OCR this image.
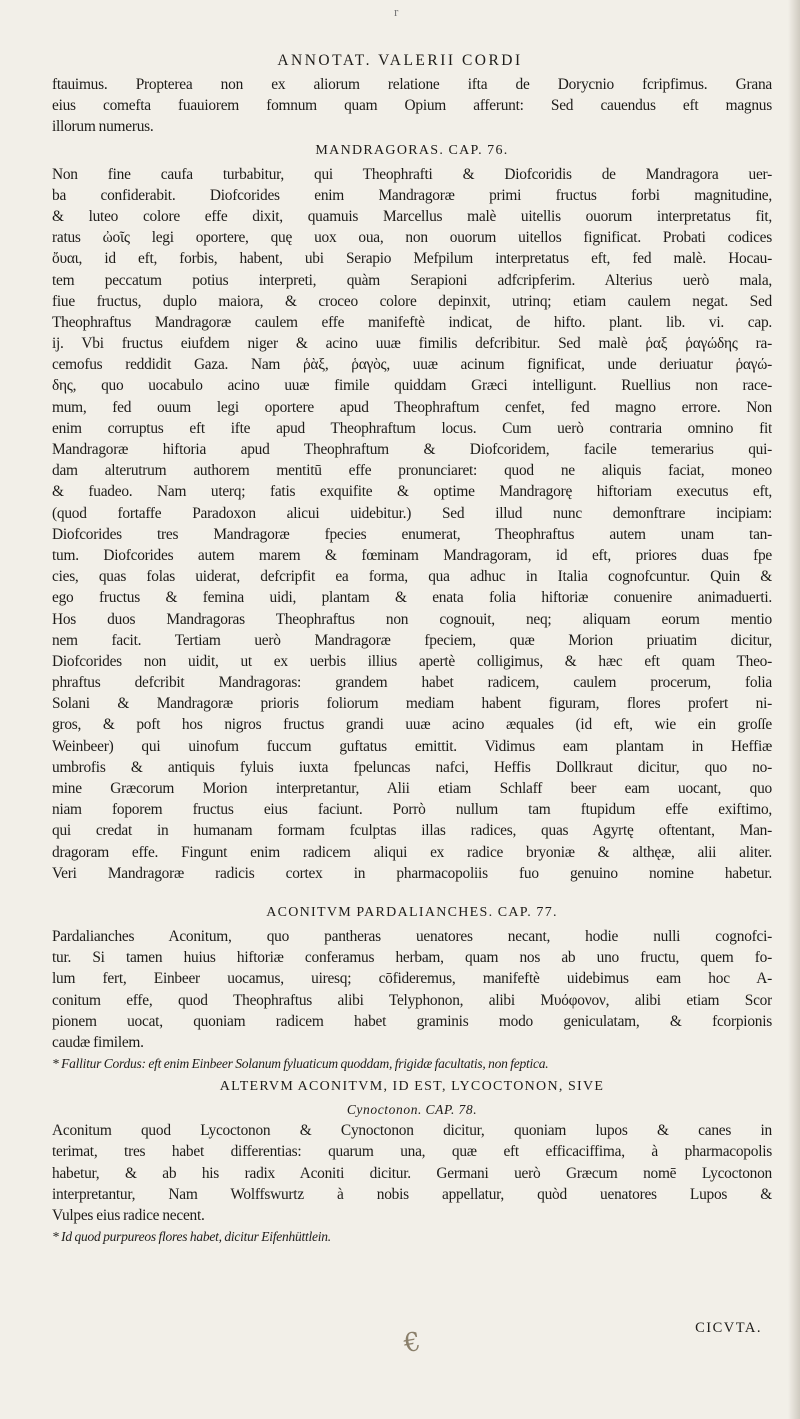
r
ANNOTAT. VALERII CORDI
ftauimus. Propterea non ex aliorum relatione ifta de Dorycnio fcripfimus. Grana
eius comefta fuauiorem fomnum quam Opium afferunt: Sed cauendus eft magnus
illorum numerus.
MANDRAGORAS. CAP. 76.
Non fine caufa turbabitur, qui Theophrafti & Diofcoridis de Mandragora uer-
ba confiderabit. Diofcorides enim Mandragoræ primi fructus forbi magnitudine,
& luteo colore effe dixit, quamuis Marcellus malè uitellis ouorum interpretatus fit,
ratus ὠοῖς legi oportere, quę uox oua, non ouorum uitellos fignificat. Probati codices
ὄυαι, id eft, forbis, habent, ubi Serapio Mefpilum interpretatus eft, fed malè. Hocau-
tem peccatum potius interpreti, quàm Serapioni adfcripferim. Alterius uerò mala,
fiue fructus, duplo maiora, & croceo colore depinxit, utrinq; etiam caulem negat. Sed
Theophraftus Mandragoræ caulem effe manifeftè indicat, de hifto. plant. lib. vi. cap.
ij. Vbi fructus eiufdem niger & acino uuæ fimilis defcribitur. Sed malè ῥαξ ῥαγώδης ra-
cemofus reddidit Gaza. Nam ῥὰξ, ῥαγὸς, uuæ acinum fignificat, unde deriuatur ῥαγώ-
δης, quo uocabulo acino uuæ fimile quiddam Græci intelligunt. Ruellius non race-
mum, fed ouum legi oportere apud Theophraftum cenfet, fed magno errore. Non
enim corruptus eft ifte apud Theophraftum locus. Cum uerò contraria omnino fit
Mandragoræ hiftoria apud Theophraftum & Diofcoridem, facile temerarius qui-
dam alterutrum authorem mentitū effe pronunciaret: quod ne aliquis faciat, moneo
& fuadeo. Nam uterq; fatis exquifite & optime Mandragorę hiftoriam executus eft,
(quod fortaffe Paradoxon alicui uidebitur.) Sed illud nunc demonftrare incipiam:
Diofcorides tres Mandragoræ fpecies enumerat, Theophraftus autem unam tan-
tum. Diofcorides autem marem & fœminam Mandragoram, id eft, priores duas fpe
cies, quas folas uiderat, defcripfit ea forma, qua adhuc in Italia cognofcuntur. Quin &
ego fructus & femina uidi, plantam & enata folia hiftoriæ conuenire animaduerti.
Hos duos Mandragoras Theophraftus non cognouit, neq; aliquam eorum mentio
nem facit. Tertiam uerò Mandragoræ fpeciem, quæ Morion priuatim dicitur,
Diofcorides non uidit, ut ex uerbis illius apertè colligimus, & hæc eft quam Theo-
phraftus defcribit Mandragoras: grandem habet radicem, caulem procerum, folia
Solani & Mandragoræ prioris foliorum mediam habent figuram, flores profert ni-
gros, & poft hos nigros fructus grandi uuæ acino æquales (id eft, wie ein groſſe
Weinbeer) qui uinofum fuccum guftatus emittit. Vidimus eam plantam in Heffiæ
umbrofis & antiquis fyluis iuxta fpeluncas nafci, Heffis Dollkraut dicitur, quo no-
mine Græcorum Morion interpretantur, Alii etiam Schlaff beer eam uocant, quo
niam foporem fructus eius faciunt. Porrò nullum tam ftupidum effe exiftimo,
qui credat in humanam formam fculptas illas radices, quas Agyrtę oftentant, Man-
dragoram effe. Fingunt enim radicem aliqui ex radice bryoniæ & althęæ, alii aliter.
Veri Mandragoræ radicis cortex in pharmacopoliis fuo genuino nomine habetur.
ACONITVM PARDALIANCHES. CAP. 77.
Pardalianches Aconitum, quo pantheras uenatores necant, hodie nulli cognofci-
tur. Si tamen huius hiftoriæ conferamus herbam, quam nos ab uno fructu, quem fo-
lum fert, Einbeer uocamus, uiresq; cōfideremus, manifeftè uidebimus eam hoc A-
conitum effe, quod Theophraftus alibi Telyphonon, alibi Μυόφονον, alibi etiam Scor
pionem uocat, quoniam radicem habet graminis modo geniculatam, & fcorpionis
caudæ fimilem.
* Fallitur Cordus: eft enim Einbeer Solanum fyluaticum quoddam, frigidæ facultatis, non feptica.
ALTERVM ACONITVM, ID EST, LYCOCTONON, SIVE
Cynoctonon. CAP. 78.
Aconitum quod Lycoctonon & Cynoctonon dicitur, quoniam lupos & canes in
terimat, tres habet differentias: quarum una, quæ eft efficaciffima, à pharmacopolis
habetur, & ab his radix Aconiti dicitur. Germani uerò Græcum nomē Lycoctonon
interpretantur, Nam Wolffswurtz à nobis appellatur, quòd uenatores Lupos &
Vulpes eius radice necent.
* Id quod purpureos flores habet, dicitur Eifenhüttlein.
CICVTA.
€
